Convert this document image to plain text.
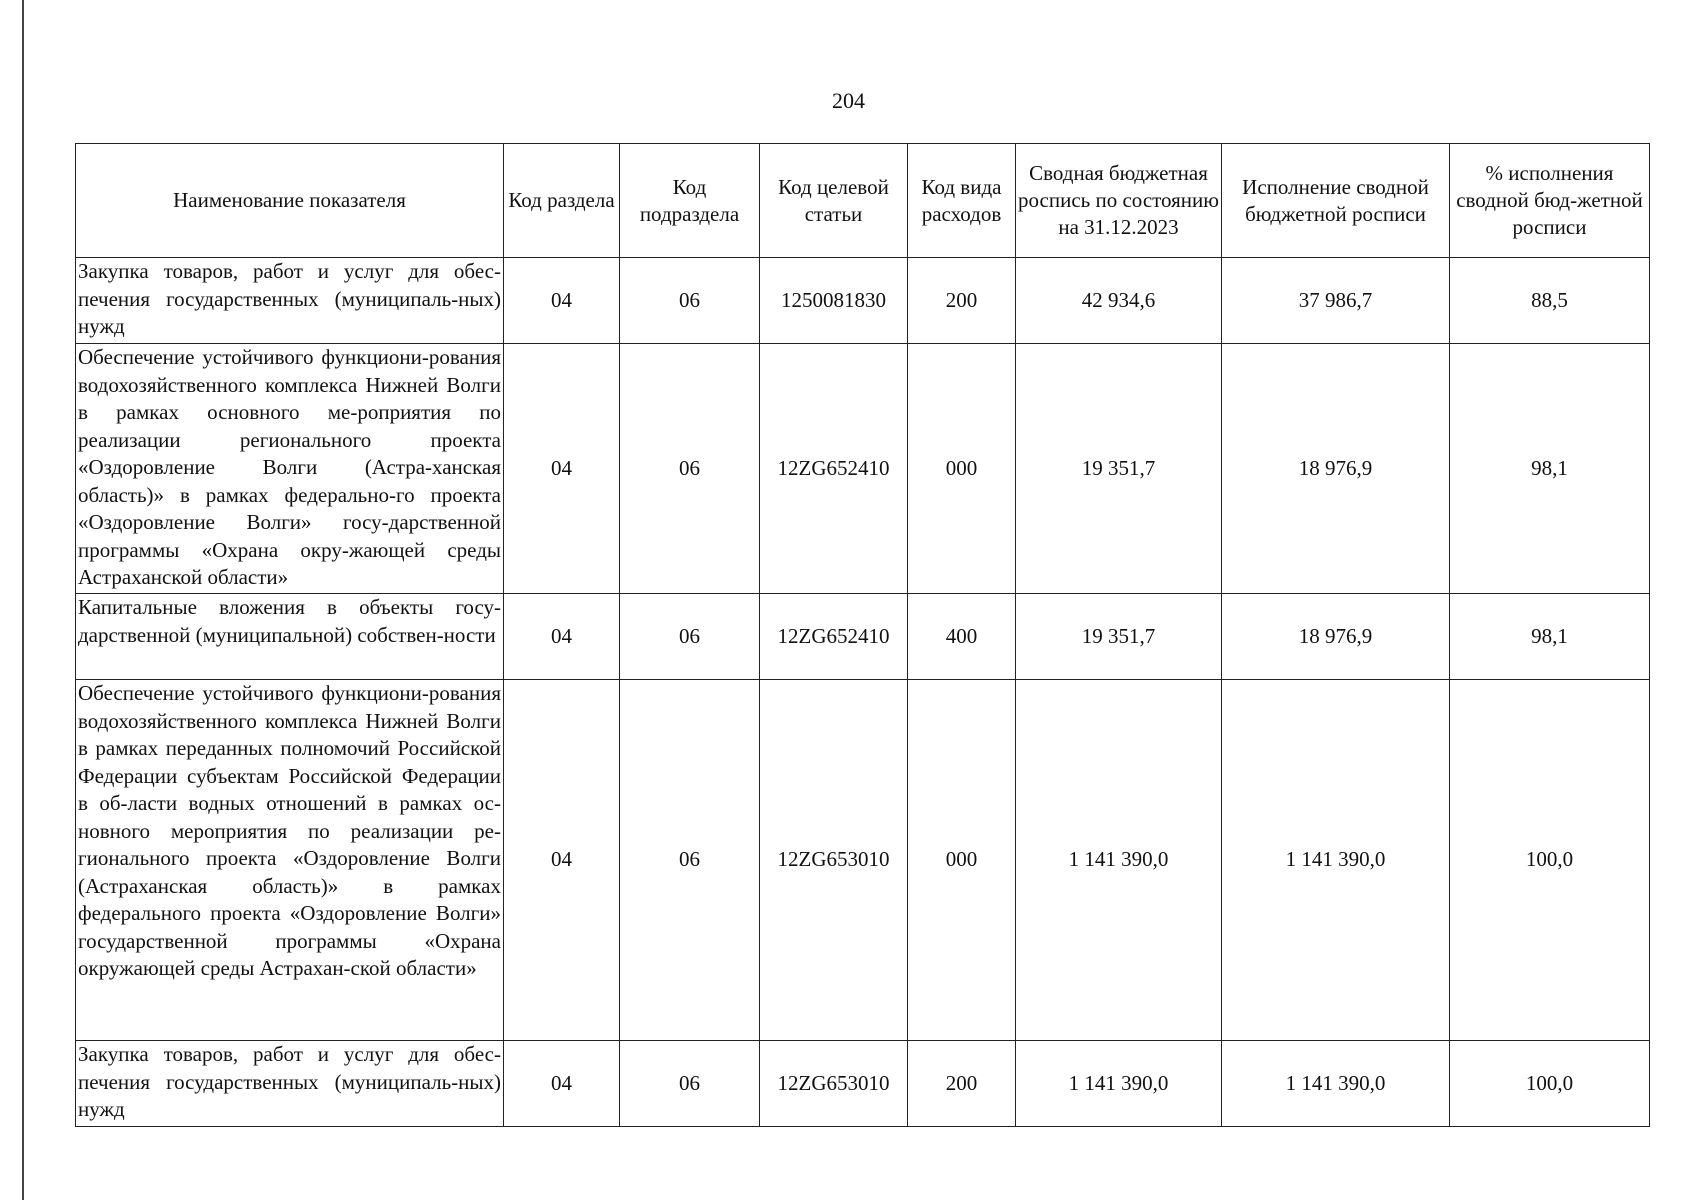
204
Наименование показателя	Код раздела	Код подраздела	Код целевой статьи	Код вида расходов	Сводная бюджетная роспись по состоянию на 31.12.2023	Исполнение сводной бюджетной росписи	% исполнения сводной бюд-жетной росписи
Закупка товаров, работ и услуг для обес-печения государственных (муниципаль-ных) нужд	04	06	1250081830	200	42 934,6	37 986,7	88,5
Обеспечение устойчивого функциони-рования водохозяйственного комплекса Нижней Волги в рамках основного ме-роприятия по реализации регионального проекта «Оздоровление Волги (Астра-ханская область)» в рамках федерально-го проекта «Оздоровление Волги» госу-дарственной программы «Охрана окру-жающей среды Астраханской области»	04	06	12ZG652410	000	19 351,7	18 976,9	98,1
Капитальные вложения в объекты госу-дарственной (муниципальной) собствен-ности	04	06	12ZG652410	400	19 351,7	18 976,9	98,1
Обеспечение устойчивого функциони-рования водохозяйственного комплекса Нижней Волги в рамках переданных полномочий Российской Федерации субъектам Российской Федерации в об-ласти водных отношений в рамках ос-новного мероприятия по реализации ре-гионального проекта «Оздоровление Волги (Астраханская область)» в рамках федерального проекта «Оздоровление Волги» государственной программы «Охрана окружающей среды Астрахан-ской области»	04	06	12ZG653010	000	1 141 390,0	1 141 390,0	100,0
Закупка товаров, работ и услуг для обес-печения государственных (муниципаль-ных) нужд	04	06	12ZG653010	200	1 141 390,0	1 141 390,0	100,0
